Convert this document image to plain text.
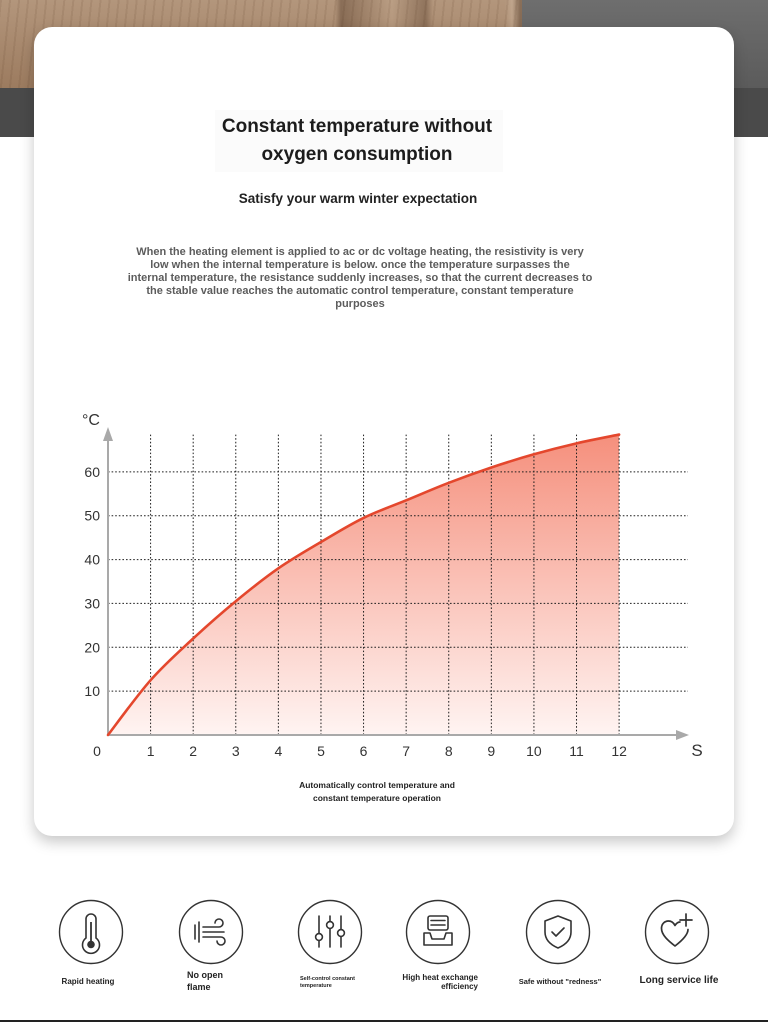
Constant temperature without
oxygen consumption
Satisfy your warm winter expectation
When the heating element is applied to ac or dc voltage heating, the resistivity is very
low when the internal temperature is below. once the temperature surpasses the
internal temperature, the resistance suddenly increases, so that the current decreases to
the stable value reaches the automatic control temperature, constant temperature
purposes
10
20
30
40
50
60
0	1 2 3 4 5 6 7 8 9 10 11 12	S
°C
Automatically control temperature and
constant temperature operation
Rapid heating
No open
flame
Self-control constant
temperature
High heat exchange
efficiency
Safe without "redness"	Long service life
